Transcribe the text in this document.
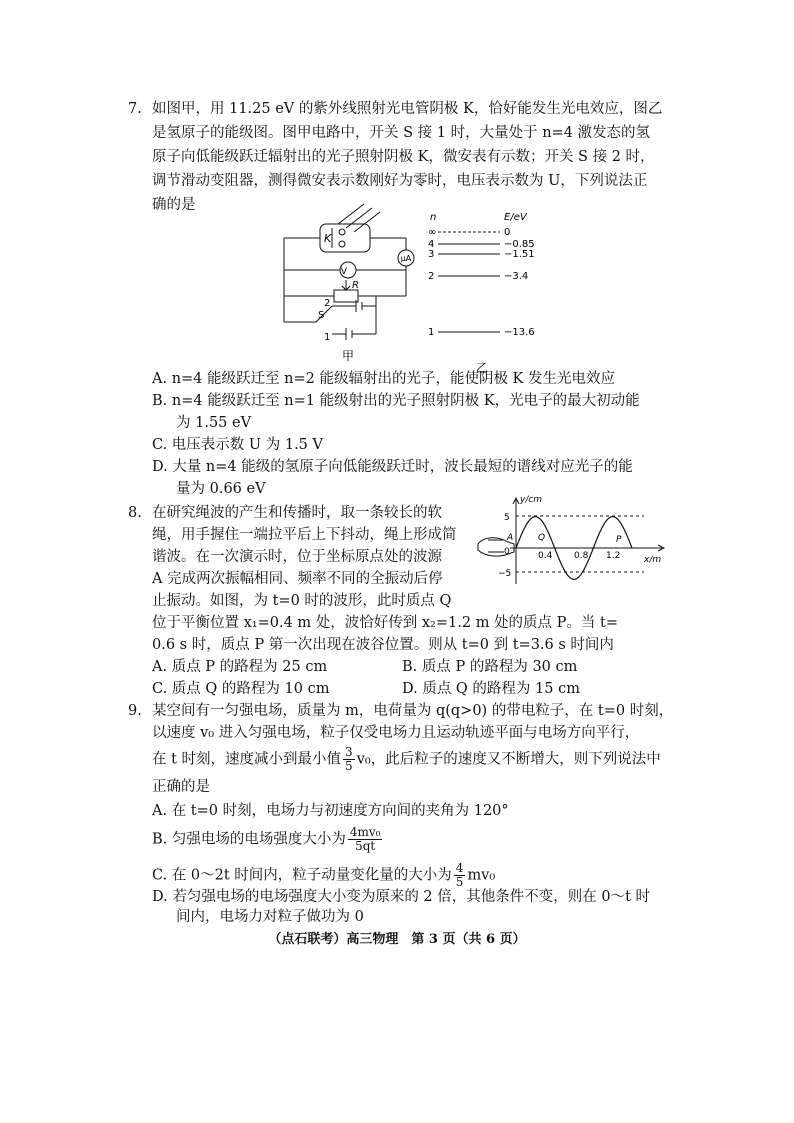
7. 如图甲，用 11.25 eV 的紫外线照射光电管阴极 K，恰好能发生光电效应，图乙
是氢原子的能级图。图甲电路中，开关 S 接 1 时，大量处于 n=4 激发态的氢
原子向低能级跃迁辐射出的光子照射阴极 K，微安表有示数；开关 S 接 2 时，
调节滑动变阻器，测得微安表示数刚好为零时，电压表示数为 U，下列说法正
确的是
K
V
μA
R
S
2
1
甲
n	E/eV
∞	0
4	−0.85
3	−1.51
2	−3.4
1	−13.6
乙
A. n=4 能级跃迁至 n=2 能级辐射出的光子，能使阴极 K 发生光电效应
B. n=4 能级跃迁至 n=1 能级射出的光子照射阴极 K，光电子的最大初动能
为 1.55 eV
C. 电压表示数 U 为 1.5 V
D. 大量 n=4 能级的氢原子向低能级跃迁时，波长最短的谱线对应光子的能
量为 0.66 eV
8. 在研究绳波的产生和传播时，取一条较长的软
绳，用手握住一端拉平后上下抖动，绳上形成简
谐波。在一次演示时，位于坐标原点处的波源
A 完成两次振幅相同、频率不同的全振动后停
止振动。如图，为 t=0 时的波形，此时质点 Q
位于平衡位置 x₁=0.4 m 处，波恰好传到 x₂=1.2 m 处的质点 P。当 t=
0.6 s 时，质点 P 第一次出现在波谷位置。则从 t=0 到 t=3.6 s 时间内
0	0.4 0.8 1.2
5
−5
y/cm
x/m
A	Q	P
A. 质点 P 的路程为 25 cm	B. 质点 P 的路程为 30 cm
C. 质点 Q 的路程为 10 cm	D. 质点 Q 的路程为 15 cm
9. 某空间有一匀强电场，质量为 m，电荷量为 q(q>0) 的带电粒子，在 t=0 时刻，
以速度 v₀ 进入匀强电场，粒子仅受电场力且运动轨迹平面与电场方向平行，
在 t 时刻，速度减小到最小值 $\frac{3}{5} v_0$，此后粒子的速度又不断增大，则下列说法中
正确的是
A. 在 t=0 时刻，电场力与初速度方向间的夹角为 120°
B. 匀强电场的电场强度大小为 $\frac{\text{4mv₀}}{5qt}$
C. 在 0～2t 时间内，粒子动量变化量的大小为 $\frac{4}{5} mv_0$
D. 若匀强电场的电场强度大小变为原来的 2 倍，其他条件不变，则在 0～t 时
间内，电场力对粒子做功为 0
（点石联考）高三物理　第 3 页（共 6 页）
